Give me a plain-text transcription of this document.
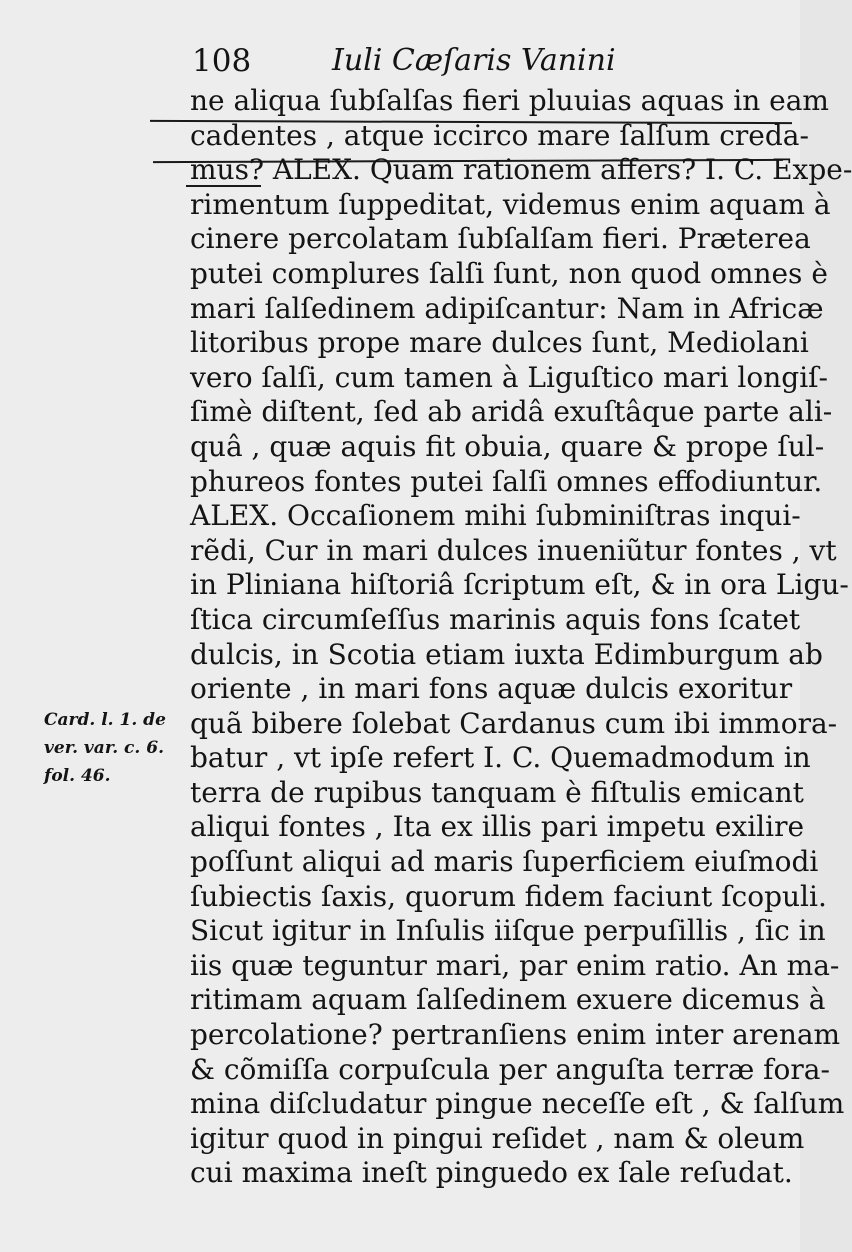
108	Iuli Cæſaris Vanini
ne aliqua ſubſalſas fieri pluuias aquas in eam
cadentes , atque iccirco mare ſalſum creda-
mus? ALEX. Quam rationem affers? I. C. Expe-
rimentum ſuppeditat, videmus enim aquam à
cinere percolatam ſubſalſam fieri. Præterea
putei complures ſalſi ſunt, non quod omnes è
mari ſalſedinem adipiſcantur: Nam in Africæ
litoribus prope mare dulces ſunt, Mediolani
vero ſalſi, cum tamen à Liguſtico mari longiſ-
ſimè diſtent, ſed ab aridâ exuſtâque parte ali-
quâ , quæ aquis fit obuia, quare & prope ſul-
phureos fontes putei ſalſi omnes effodiuntur.
ALEX. Occaſionem mihi ſubminiſtras inqui-
rẽdi, Cur in mari dulces inueniũtur fontes , vt
in Pliniana hiſtoriâ ſcriptum eſt, & in ora Ligu-
ſtica circumſeſſus marinis aquis fons ſcatet
dulcis, in Scotia etiam iuxta Edimburgum ab
oriente , in mari fons aquæ dulcis exoritur
quã bibere ſolebat Cardanus cum ibi immora-
batur , vt ipſe refert I. C. Quemadmodum in
terra de rupibus tanquam è fiſtulis emicant
aliqui fontes , Ita ex illis pari impetu exilire
poſſunt aliqui ad maris ſuperficiem eiuſmodi
ſubiectis ſaxis, quorum fidem faciunt ſcopuli.
Sicut igitur in Inſulis iiſque perpuſillis , ſic in
iis quæ teguntur mari, par enim ratio. An ma-
ritimam aquam ſalſedinem exuere dicemus à
percolatione? pertranſiens enim inter arenam
& cõmiſſa corpuſcula per anguſta terræ fora-
mina diſcludatur pingue neceſſe eſt , & ſalſum
igitur quod in pingui reſidet , nam & oleum
cui maxima ineſt pinguedo ex ſale reſudat.
Card. l. 1. de
ver. var. c. 6.
fol. 46.
